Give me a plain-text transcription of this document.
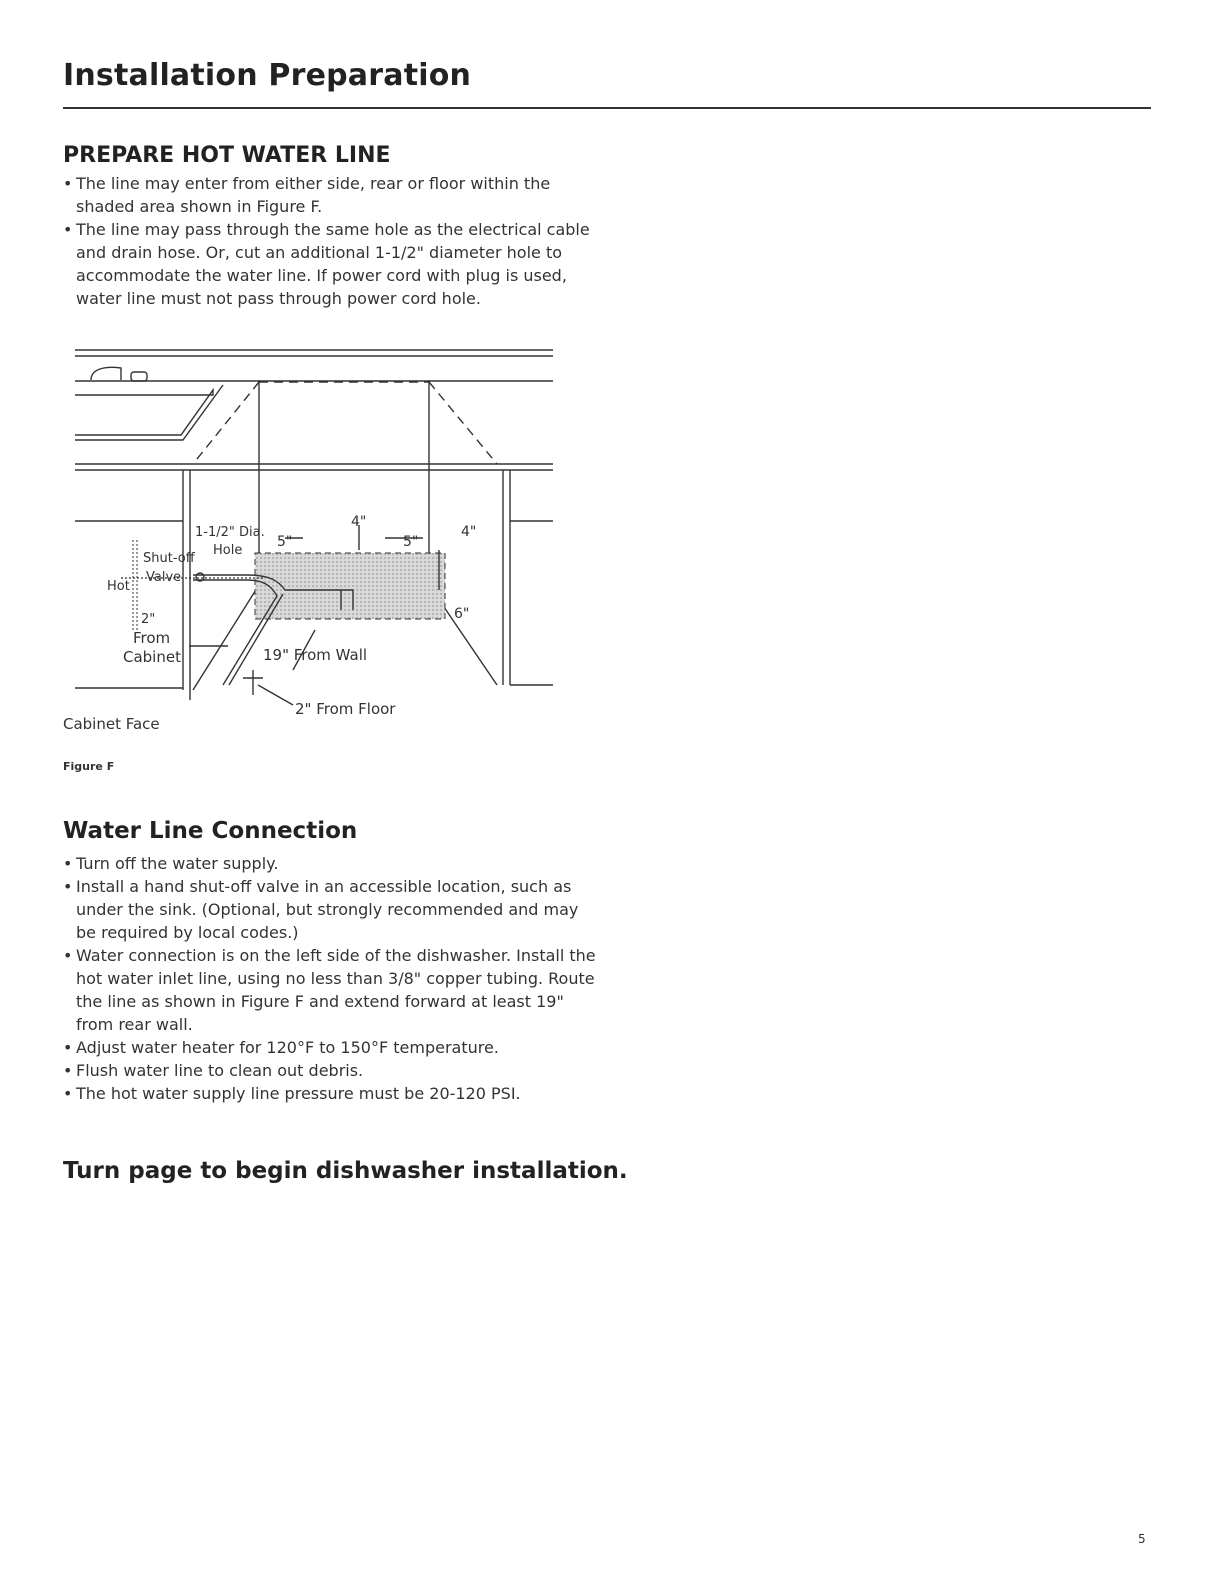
Installation Preparation
PREPARE HOT WATER LINE
• The line may enter from either side, rear or floor within the shaded area shown in Figure F.
• The line may pass through the same hole as the electrical cable and drain hose. Or, cut an additional 1-1/2" diameter hole to accommodate the water line. If power cord with plug is used, water line must not pass through power cord hole.
1-1/2" Dia.
Hole
Shut-off
Valve
Hot
2"
From
Cabinet
Cabinet Face
5"
4"
5"
4"
6"
19" From Wall
2" From Floor

Figure F

Water Line Connection
• Turn off the water supply.
• Install a hand shut-off valve in an accessible location, such as under the sink. (Optional, but strongly recommended and may be required by local codes.)
• Water connection is on the left side of the dishwasher. Install the hot water inlet line, using no less than 3/8" copper tubing. Route the line as shown in Figure F and extend forward at least 19" from rear wall.
• Adjust water heater for 120°F to 150°F temperature.
• Flush water line to clean out debris.
• The hot water supply line pressure must be 20-120 PSI.

Turn page to begin dishwasher installation.

5
